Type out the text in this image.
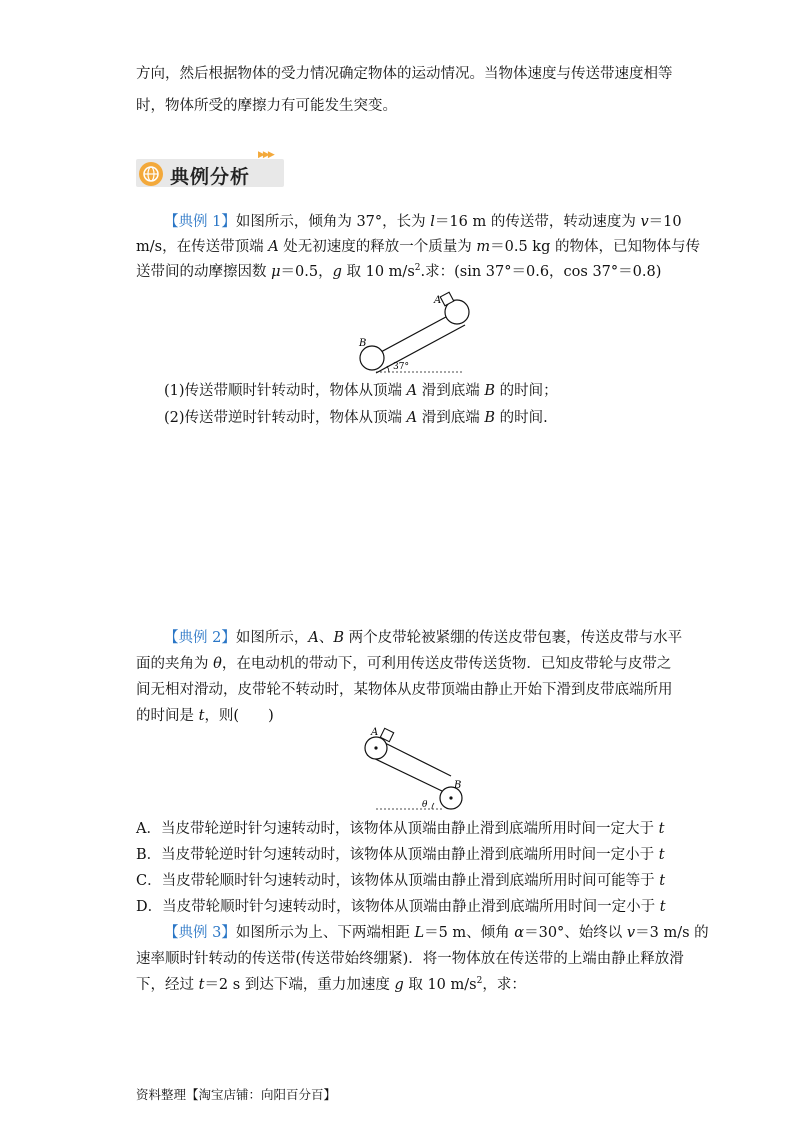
方向，然后根据物体的受力情况确定物体的运动情况。当物体速度与传送带速度相等
时，物体所受的摩擦力有可能发生突变。
典例分析
▶▶▶
【典例 1】如图所示，倾角为 37°，长为 l＝16 m 的传送带，转动速度为 v＝10
m/s，在传送带顶端 A 处无初速度的释放一个质量为 m＝0.5 kg 的物体，已知物体与传
送带间的动摩擦因数 μ＝0.5，g 取 10 $m/s^2$.求：(sin 37°＝0.6，cos 37°＝0.8)
A
B
37°
(1)传送带顺时针转动时，物体从顶端 A 滑到底端 B 的时间；
(2)传送带逆时针转动时，物体从顶端 A 滑到底端 B 的时间.
【典例 2】如图所示，A、B 两个皮带轮被紧绷的传送皮带包裹，传送皮带与水平
面的夹角为 θ，在电动机的带动下，可利用传送皮带传送货物．已知皮带轮与皮带之
间无相对滑动，皮带轮不转动时，某物体从皮带顶端由静止开始下滑到皮带底端所用
的时间是 t，则(　　)
A
B
θ
A．当皮带轮逆时针匀速转动时，该物体从顶端由静止滑到底端所用时间一定大于 t
B．当皮带轮逆时针匀速转动时，该物体从顶端由静止滑到底端所用时间一定小于 t
C．当皮带轮顺时针匀速转动时，该物体从顶端由静止滑到底端所用时间可能等于 t
D．当皮带轮顺时针匀速转动时，该物体从顶端由静止滑到底端所用时间一定小于 t
【典例 3】如图所示为上、下两端相距 L＝5 m、倾角 α＝30°、始终以 v＝3 m/s 的
速率顺时针转动的传送带(传送带始终绷紧)．将一物体放在传送带的上端由静止释放滑
下，经过 t＝2 s 到达下端，重力加速度 g 取 10 $m/s^2$，求：
资料整理【淘宝店铺：向阳百分百】
